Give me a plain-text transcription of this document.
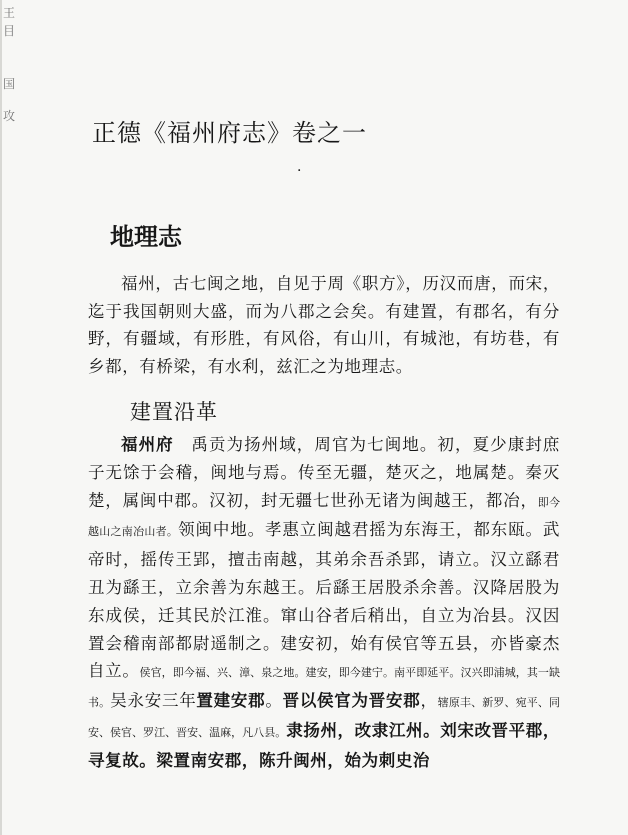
王
目
国
攻
正德《福州府志》卷之一
·
地理志

福州，古七闽之地，自见于周《职方》，历汉而唐，而宋，迄于我国朝则大盛，而为八郡之会矣。有建置，有郡名，有分野，有疆域，有形胜，有风俗，有山川，有城池，有坊巷，有乡都，有桥梁，有水利，兹汇之为地理志。

建置沿革

福州府　禹贡为扬州域，周官为七闽地。初，夏少康封庶子无馀于会稽，闽地与焉。传至无疆，楚灭之，地属楚。秦灭楚，属闽中郡。汉初，封无疆七世孙无诸为闽越王，都冶，即今越山之南冶山者。领闽中地。孝惠立闽越君摇为东海王，都东瓯。武帝时，摇传王郢，擅击南越，其弟余吾杀郢，请立。汉立繇君丑为繇王，立余善为东越王。后繇王居股杀余善。汉降居股为东成侯，迁其民於江淮。窜山谷者后稍出，自立为冶县。汉因置会稽南部都尉遥制之。建安初，始有侯官等五县，亦皆豪杰自立。侯官，即今福、兴、漳、泉之地。建安，即今建宁。南平即延平。汉兴即浦城，其一缺书。吴永安三年置建安郡。晋以侯官为晋安郡，辖原丰、新罗、宛平、同安、侯官、罗江、晋安、温麻，凡八县。隶扬州，改隶江州。刘宋改晋平郡，寻复故。梁置南安郡，陈升闽州，始为刺史治
